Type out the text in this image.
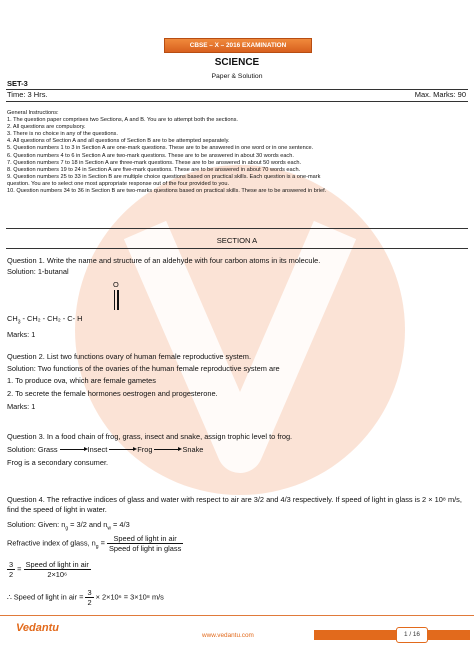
CBSE – X – 2016 EXAMINATION
SCIENCE
Paper & Solution
SET-3
Time: 3 Hrs.	Max. Marks: 90
General Instructions:
1. The question paper comprises two Sections, A and B. You are to attempt both the sections.
2. All questions are compulsory.
3. There is no choice in any of the questions.
4. All questions of Section A and all questions of Section B are to be attempted separately.
5. Question numbers 1 to 3 in Section A are one-mark questions. These are to be answered in one word or in one sentence.
6. Question numbers 4 to 6 in Section A are two-mark questions. These are to be answered in about 30 words each.
7. Question numbers 7 to 18 in Section A are three-mark questions. These are to be answered in about 50 words each.
8. Question numbers 19 to 24 in Section A are five-mark questions. These are to be answered in about 70 words each.
9. Question numbers 25 to 33 in Section B are multiple choice questions based on practical skills. Each question is a one-mark
question. You are to select one most appropriate response out of the four provided to you.
10. Question numbers 34 to 36 in Section B are two-marks questions based on practical skills. These are to be answered in brief.
SECTION A
Question 1. Write the name and structure of an aldehyde with four carbon atoms in its molecule.
Solution: 1-butanal
O
$CH_3 - CH_2 - CH_2 - C-$ H
Marks: 1
Question 2. List two functions ovary of human female reproductive system.
Solution: Two functions of the ovaries of the human female reproductive system are
1. To produce ova, which are female gametes
2. To secrete the female hormones oestrogen and progesterone.
Marks: 1
Question 3. In a food chain of frog, grass, insect and snake, assign trophic level to frog.
Solution: Grass	Insect	Frog	Snake
Frog is a secondary consumer.
Question 4. The refractive indices of glass and water with respect to air are 3/2 and 4/3 respectively. If speed of light in glass is 2 × 10⁸ m/s, find the speed of light in water.
Solution: Given: $n_g = 3/2$ and $n_w = 4/3$
Refractive index of glass, $n_g = \frac{\text{Speed of light in air}}{\text{Speed of light in glass}}$
$\frac{3}{2} = \frac{\text{Speed of light in air}}{\text{2×10⁶}}$
∴ Speed of light in air = $\frac{3}{2} \times 2\times 10^6 = 3\times 10^8$ m/s
Vedantu
www.vedantu.com	1 / 16
